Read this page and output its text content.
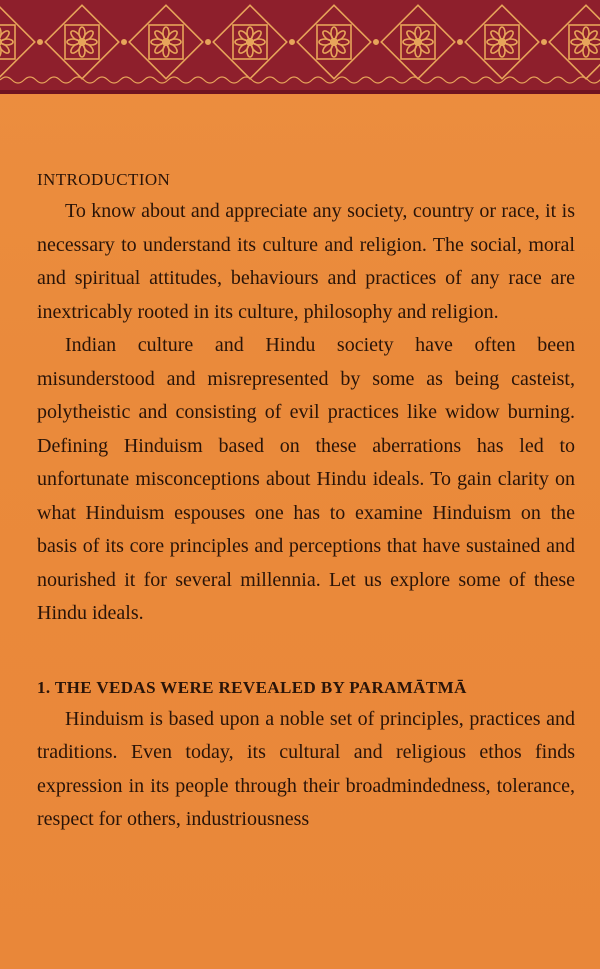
INTRODUCTION

To know about and appreciate any society, country or race, it is necessary to understand its culture and religion. The social, moral and spiritual attitudes, behaviours and practices of any race are inextricably rooted in its culture, philosophy and religion.

Indian culture and Hindu society have often been misunderstood and misrepresented by some as being casteist, polytheistic and consisting of evil practices like widow burning. Defining Hinduism based on these aberrations has led to unfortunate misconceptions about Hindu ideals. To gain clarity on what Hinduism espouses one has to examine Hinduism on the basis of its core principles and perceptions that have sustained and nourished it for several millennia. Let us explore some of these Hindu ideals.

1. THE VEDAS WERE REVEALED BY PARAMĀTMĀ

Hinduism is based upon a noble set of principles, practices and traditions. Even today, its cultural and religious ethos finds expression in its people through their broadmindedness, tolerance, respect for others, industriousness
